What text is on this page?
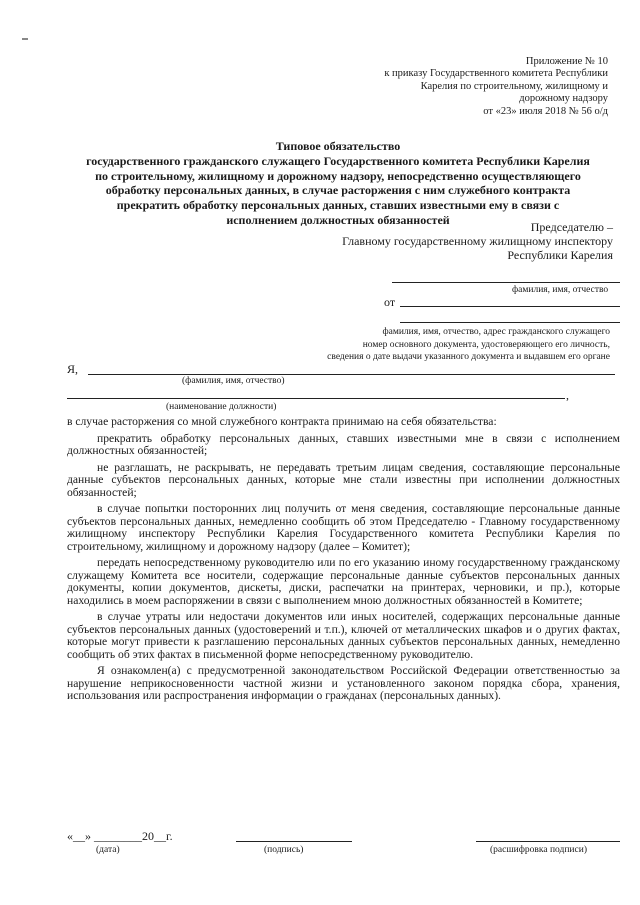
Приложение № 10
к приказу Государственного комитета Республики
Карелия по строительному, жилищному и
дорожному надзору
от «23» июля 2018 № 56 о/д
Типовое обязательство
государственного гражданского служащего Государственного комитета Республики Карелия
по строительному, жилищному и дорожному надзору, непосредственно осуществляющего
обработку персональных данных, в случае расторжения с ним служебного контракта
прекратить обработку персональных данных, ставших известными ему в связи с
исполнением должностных обязанностей
Председателю –
Главному государственному жилищному инспектору
Республики Карелия
фамилия, имя, отчество
от
фамилия, имя, отчество, адрес гражданского служащего
номер основного документа, удостоверяющего его личность,
сведения о дате выдачи указанного документа и выдавшем его органе
Я,
(фамилия, имя, отчество)
,
(наименование должности)

в случае расторжения со мной служебного контракта принимаю на себя обязательства:

прекратить обработку персональных данных, ставших известными мне в связи с исполнением должностных обязанностей;

не разглашать, не раскрывать, не передавать третьим лицам сведения, составляющие персональные данные субъектов персональных данных, которые мне стали известны при исполнении должностных обязанностей;

в случае попытки посторонних лиц получить от меня сведения, составляющие персональные данные субъектов персональных данных, немедленно сообщить об этом Председателю - Главному государственному жилищному инспектору Республики Карелия Государственного комитета Республики Карелия по строительному, жилищному и дорожному надзору (далее – Комитет);

передать непосредственному руководителю или по его указанию иному государственному гражданскому служащему Комитета все носители, содержащие персональные данные субъектов персональных данных документы, копии документов, дискеты, диски, распечатки на принтерах, черновики, и пр.), которые находились в моем распоряжении в связи с выполнением мною должностных обязанностей в Комитете;

в случае утраты или недостачи документов или иных носителей, содержащих персональные данные субъектов персональных данных (удостоверений и т.п.), ключей от металлических шкафов и о других фактах, которые могут привести к разглашению персональных данных субъектов персональных данных, немедленно сообщить об этих фактах в письменной форме непосредственному руководителю.

Я ознакомлен(а) с предусмотренной законодательством Российской Федерации ответственностью за нарушение неприкосновенности частной жизни и установленного законом порядка сбора, хранения, использования или распространения информации о гражданах (персональных данных).

«__» ________20__г.
(дата)	(подпись)	(расшифровка подписи)
